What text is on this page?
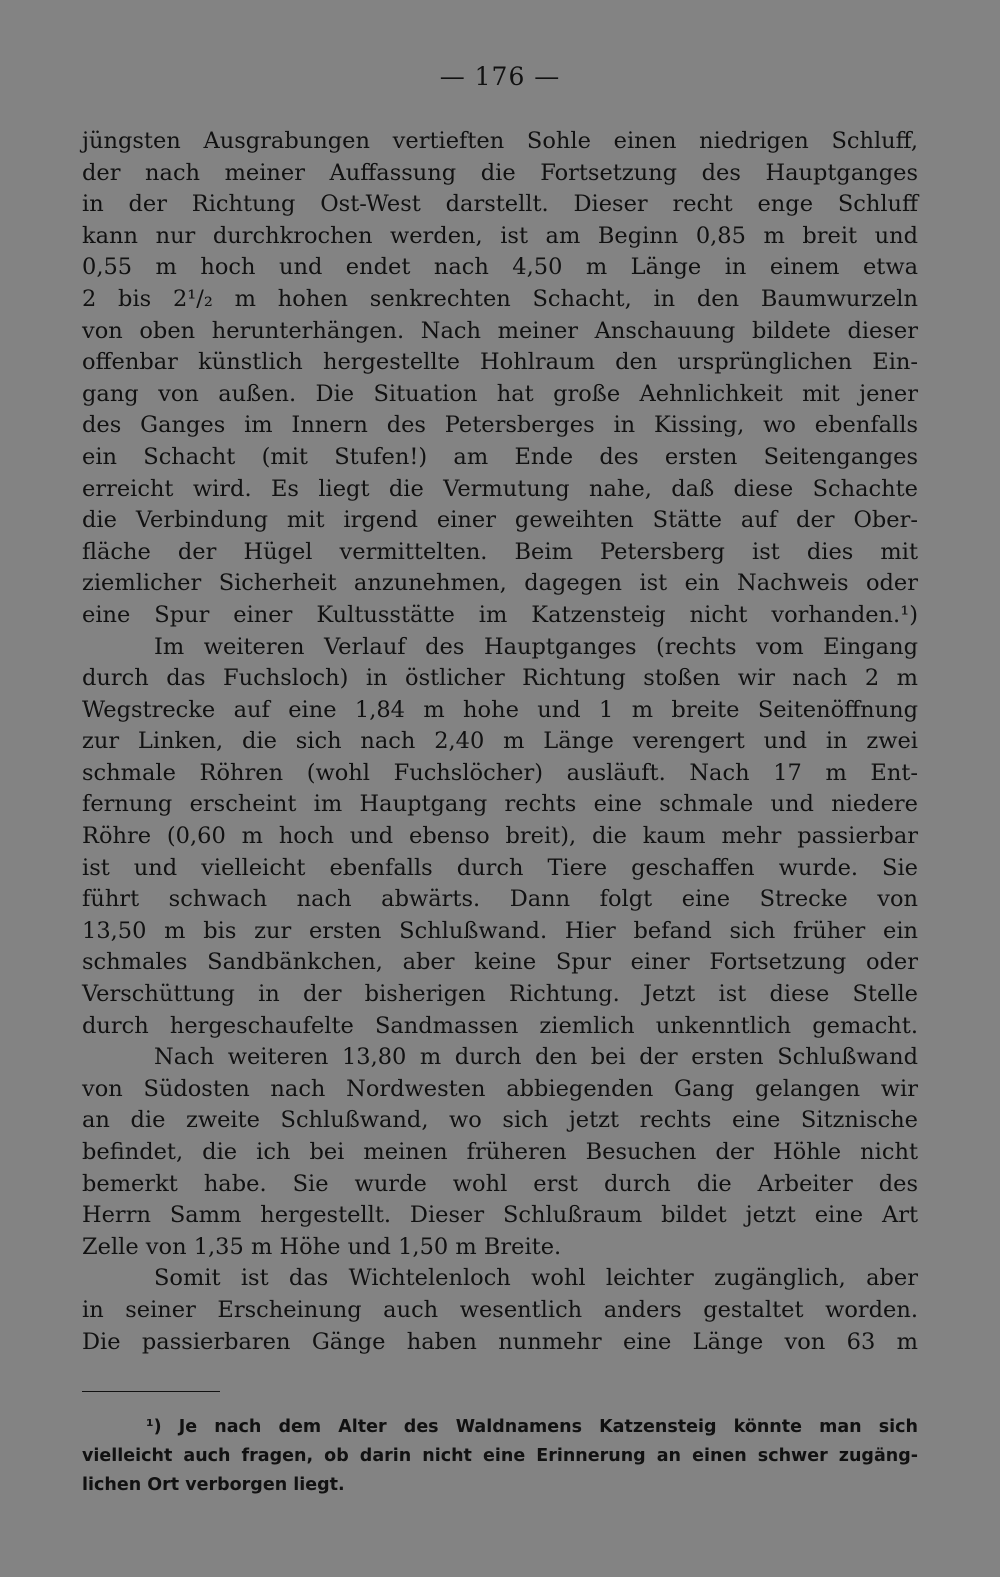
— 176 —
jüngsten Ausgrabungen vertieften Sohle einen niedrigen Schluff,
der nach meiner Auffassung die Fortsetzung des Hauptganges
in der Richtung Ost-West darstellt. Dieser recht enge Schluff
kann nur durchkrochen werden, ist am Beginn 0,85 m breit und
0,55 m hoch und endet nach 4,50 m Länge in einem etwa
2 bis 2¹/₂ m hohen senkrechten Schacht, in den Baumwurzeln
von oben herunterhängen. Nach meiner Anschauung bildete dieser
offenbar künstlich hergestellte Hohlraum den ursprünglichen Ein-
gang von außen. Die Situation hat große Aehnlichkeit mit jener
des Ganges im Innern des Petersberges in Kissing, wo ebenfalls
ein Schacht (mit Stufen!) am Ende des ersten Seitenganges
erreicht wird. Es liegt die Vermutung nahe, daß diese Schachte
die Verbindung mit irgend einer geweihten Stätte auf der Ober-
fläche der Hügel vermittelten. Beim Petersberg ist dies mit
ziemlicher Sicherheit anzunehmen, dagegen ist ein Nachweis oder
eine Spur einer Kultusstätte im Katzensteig nicht vorhanden.¹)
Im weiteren Verlauf des Hauptganges (rechts vom Eingang
durch das Fuchsloch) in östlicher Richtung stoßen wir nach 2 m
Wegstrecke auf eine 1,84 m hohe und 1 m breite Seitenöffnung
zur Linken, die sich nach 2,40 m Länge verengert und in zwei
schmale Röhren (wohl Fuchslöcher) ausläuft. Nach 17 m Ent-
fernung erscheint im Hauptgang rechts eine schmale und niedere
Röhre (0,60 m hoch und ebenso breit), die kaum mehr passierbar
ist und vielleicht ebenfalls durch Tiere geschaffen wurde. Sie
führt schwach nach abwärts. Dann folgt eine Strecke von
13,50 m bis zur ersten Schlußwand. Hier befand sich früher ein
schmales Sandbänkchen, aber keine Spur einer Fortsetzung oder
Verschüttung in der bisherigen Richtung. Jetzt ist diese Stelle
durch hergeschaufelte Sandmassen ziemlich unkenntlich gemacht.
Nach weiteren 13,80 m durch den bei der ersten Schlußwand
von Südosten nach Nordwesten abbiegenden Gang gelangen wir
an die zweite Schlußwand, wo sich jetzt rechts eine Sitznische
befindet, die ich bei meinen früheren Besuchen der Höhle nicht
bemerkt habe. Sie wurde wohl erst durch die Arbeiter des
Herrn Samm hergestellt. Dieser Schlußraum bildet jetzt eine Art
Zelle von 1,35 m Höhe und 1,50 m Breite.
Somit ist das Wichtelenloch wohl leichter zugänglich, aber
in seiner Erscheinung auch wesentlich anders gestaltet worden.
Die passierbaren Gänge haben nunmehr eine Länge von 63 m
¹) Je nach dem Alter des Waldnamens Katzensteig könnte man sich
vielleicht auch fragen, ob darin nicht eine Erinnerung an einen schwer zugäng-
lichen Ort verborgen liegt.
